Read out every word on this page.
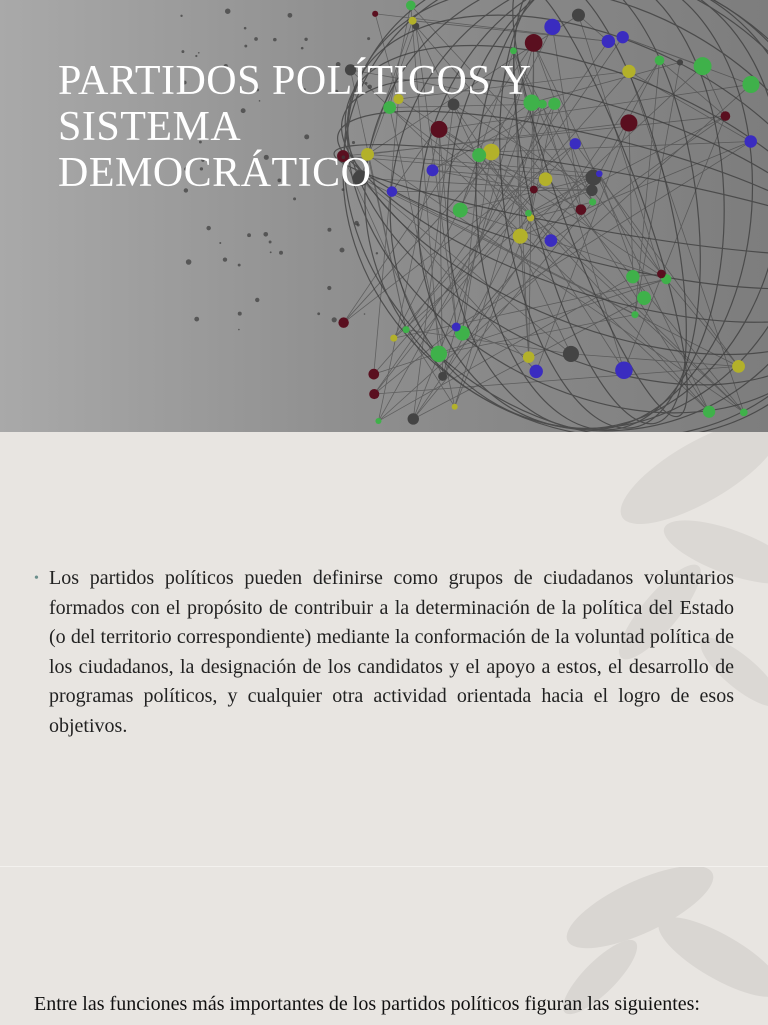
PARTIDOS POLÍTICOS Y
SISTEMA
DEMOCRÁTICO
• Los partidos políticos pueden definirse como grupos de ciudadanos voluntarios formados con el propósito de contribuir a la determinación de la política del Estado (o del territorio correspondiente) mediante la conformación de la voluntad política de los ciudadanos, la designación de los candidatos y el apoyo a estos, el desarrollo de programas políticos, y cualquier otra actividad orientada hacia el logro de esos objetivos.
Entre las funciones más importantes de los partidos políticos figuran las siguientes:
